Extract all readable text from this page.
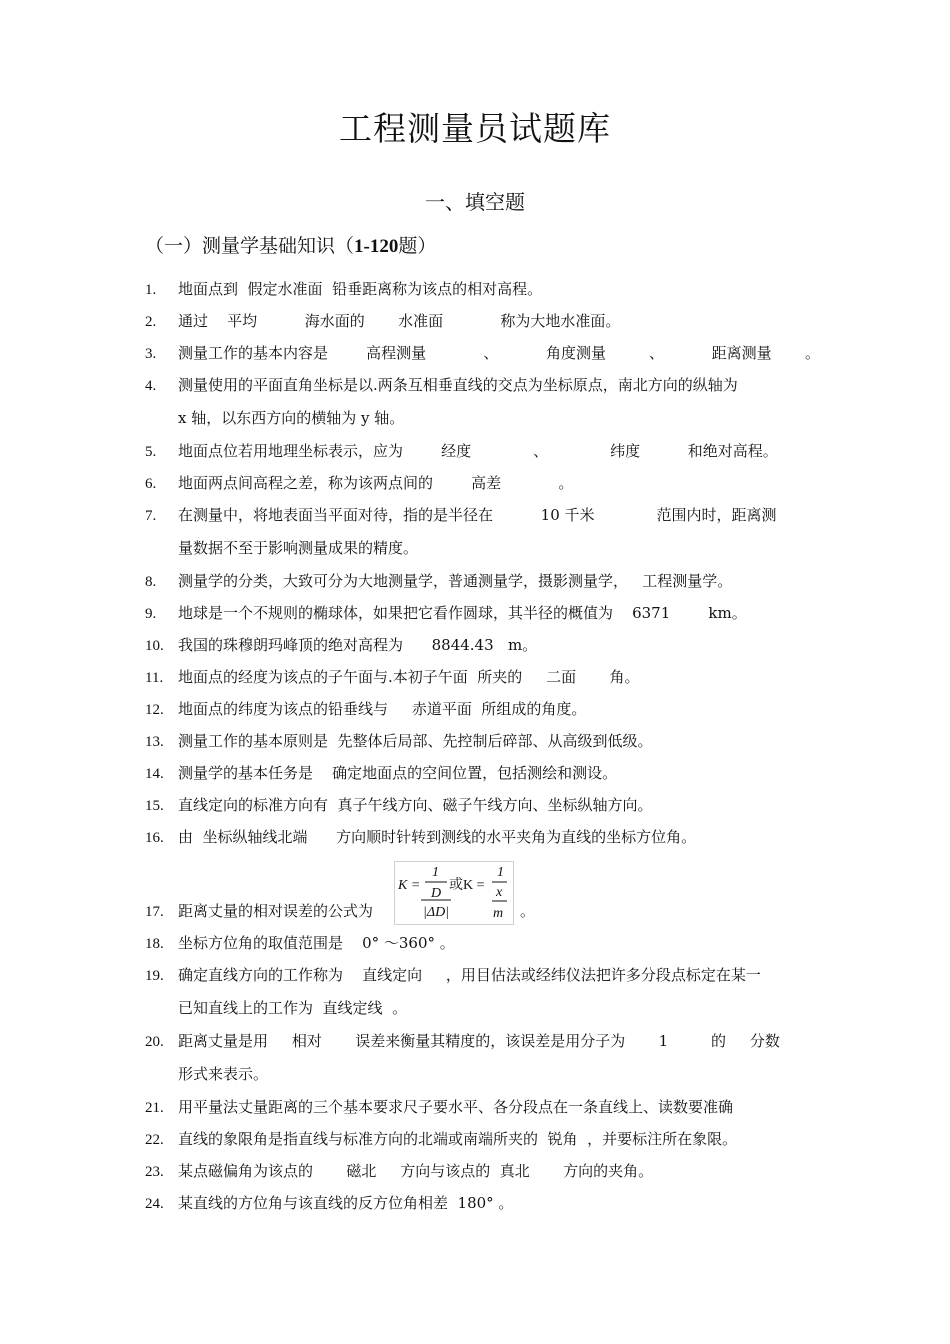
工程测量员试题库
一、填空题
（一）测量学基础知识（1-120题）
1. 地面点到  假定水准面  铅垂距离称为该点的相对高程。
2. 通过    平均          海水面的       水准面            称为大地水准面。
3. 测量工作的基本内容是        高程测量            、          角度测量         、          距离测量       。
4. 测量使用的平面直角坐标是以.两条互相垂直线的交点为坐标原点，南北方向的纵轴为
x 轴，以东西方向的横轴为 y 轴。
5. 地面点位若用地理坐标表示，应为        经度             、             纬度          和绝对高程。
6. 地面两点间高程之差，称为该两点间的        高差            。
7. 在测量中，将地表面当平面对待，指的是半径在          10 千米             范围内时，距离测
量数据不至于影响测量成果的精度。
8. 测量学的分类，大致可分为大地测量学，普通测量学，摄影测量学，   工程测量学。
9. 地球是一个不规则的椭球体，如果把它看作圆球，其半径的概值为    6371        km。
10. 我国的珠穆朗玛峰顶的绝对高程为      8844.43   m。
11. 地面点的经度为该点的子午面与.本初子午面  所夹的     二面       角。
12. 地面点的纬度为该点的铅垂线与     赤道平面  所组成的角度。
13. 测量工作的基本原则是  先整体后局部、先控制后碎部、从高级到低级。
14. 测量学的基本任务是    确定地面点的空间位置，包括测绘和测设。
15. 直线定向的标准方向有  真子午线方向、磁子午线方向、坐标纵轴方向。
16. 由  坐标纵轴线北端      方向顺时针转到测线的水平夹角为直线的坐标方位角。
17. 距离丈量的相对误差的公式为	。
18. 坐标方位角的取值范围是    0° ～360° 。
19. 确定直线方向的工作称为    直线定向     ，用目估法或经纬仪法把许多分段点标定在某一
已知直线上的工作为  直线定线  。
20. 距离丈量是用     相对       误差来衡量其精度的，该误差是用分子为       1         的     分数
形式来表示。
21. 用平量法丈量距离的三个基本要求尺子要水平、各分段点在一条直线上、读数要准确
22. 直线的象限角是指直线与标准方向的北端或南端所夹的  锐角  ，并要标注所在象限。
23. 某点磁偏角为该点的       磁北     方向与该点的  真北       方向的夹角。
24. 某直线的方位角与该直线的反方位角相差  180° 。
K =
1
D
|ΔD|
或K =
1
x
m
